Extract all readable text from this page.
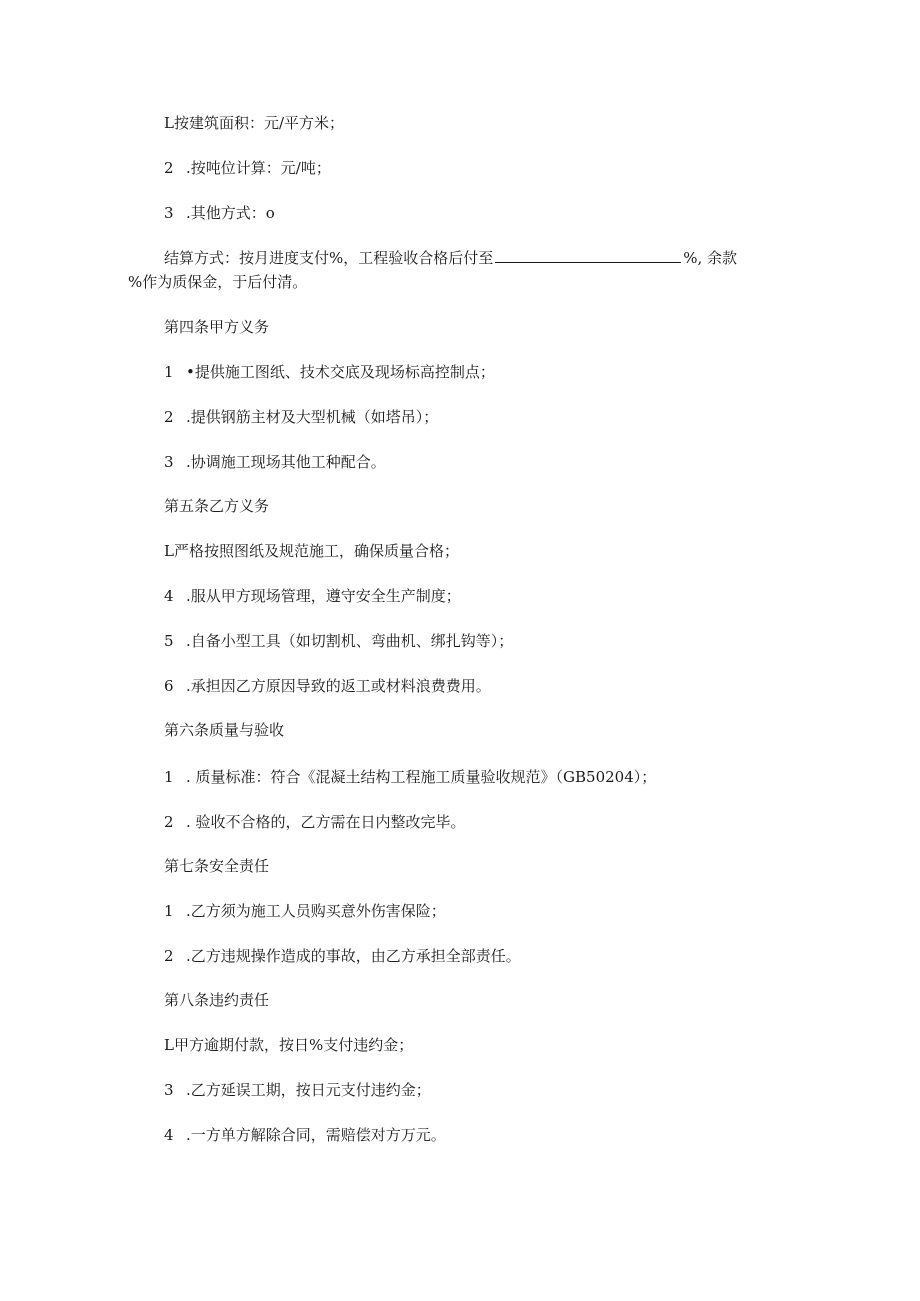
L按建筑面积：元/平方米；
2 .按吨位计算：元/吨；
3 .其他方式：o
结算方式：按月进度支付%，工程验收合格后付至	%, 余款
%作为质保金，于后付清。
第四条甲方义务
1 •提供施工图纸、技术交底及现场标高控制点；
2 .提供钢筋主材及大型机械（如塔吊）；
3 .协调施工现场其他工种配合。
第五条乙方义务
L严格按照图纸及规范施工，确保质量合格；
4 .服从甲方现场管理，遵守安全生产制度；
5 .自备小型工具（如切割机、弯曲机、绑扎钩等）；
6 .承担因乙方原因导致的返工或材料浪费费用。
第六条质量与验收
1 . 质量标准：符合《混凝土结构工程施工质量验收规范》（GB50204）；
2 . 验收不合格的，乙方需在日内整改完毕。
第七条安全责任
1 .乙方须为施工人员购买意外伤害保险；
2 .乙方违规操作造成的事故，由乙方承担全部责任。
第八条违约责任
L甲方逾期付款，按日%支付违约金；
3 .乙方延误工期，按日元支付违约金；
4 .一方单方解除合同，需赔偿对方万元。
